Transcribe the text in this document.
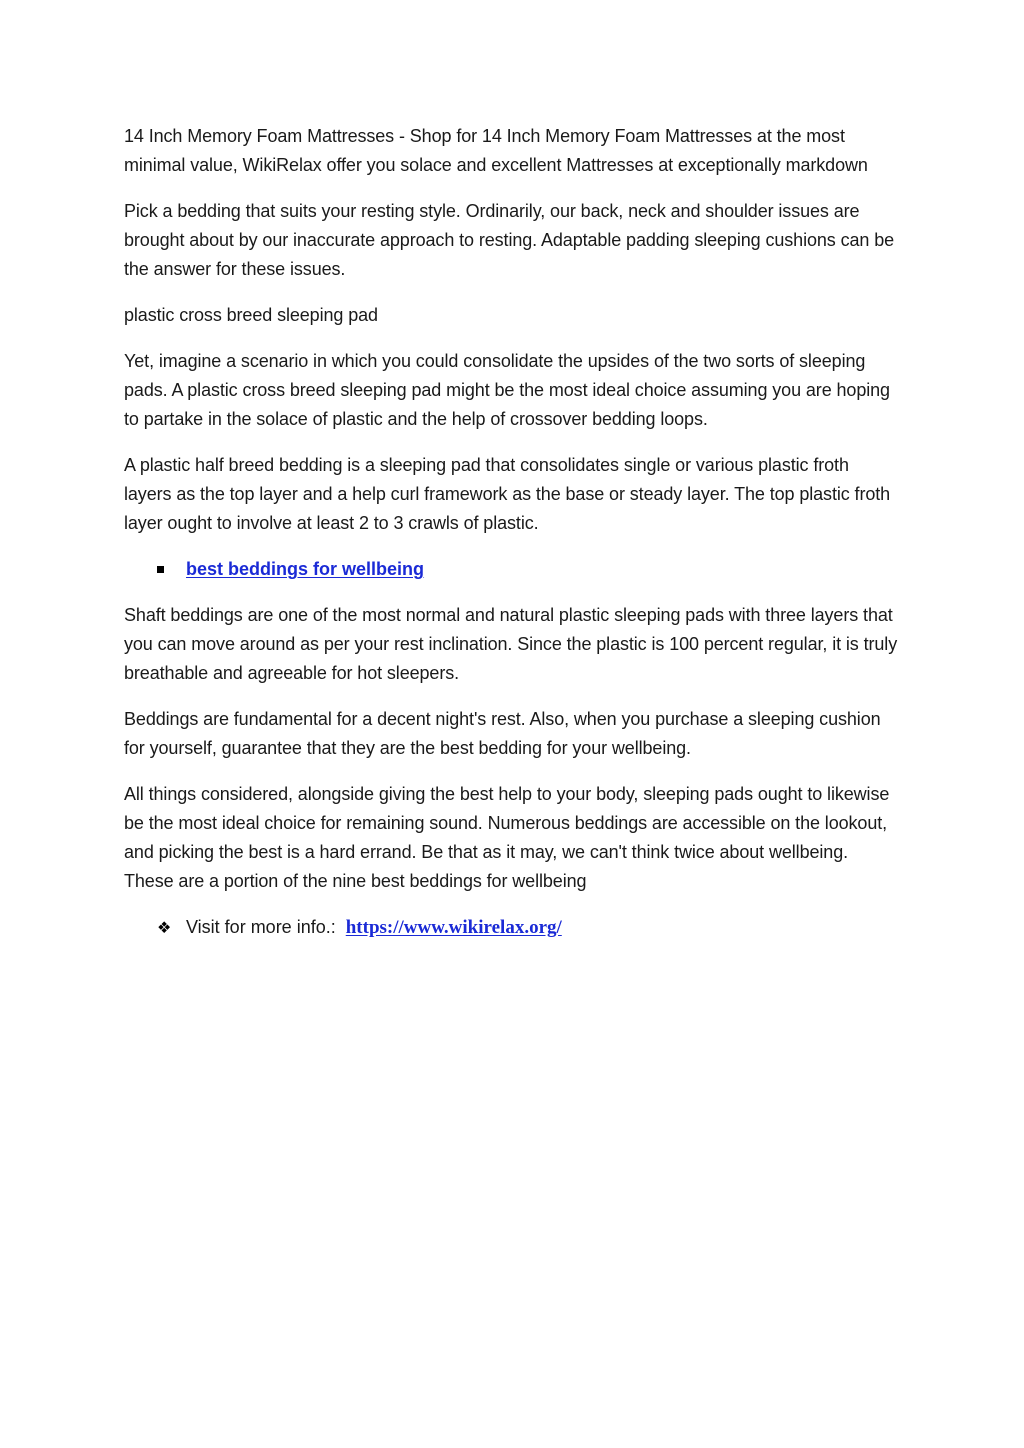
14 Inch Memory Foam Mattresses - Shop for 14 Inch Memory Foam Mattresses at the most minimal value, WikiRelax offer you solace and excellent Mattresses at exceptionally markdown

Pick a bedding that suits your resting style. Ordinarily, our back, neck and shoulder issues are brought about by our inaccurate approach to resting. Adaptable padding sleeping cushions can be the answer for these issues.

plastic cross breed sleeping pad

Yet, imagine a scenario in which you could consolidate the upsides of the two sorts of sleeping pads. A plastic cross breed sleeping pad might be the most ideal choice assuming you are hoping to partake in the solace of plastic and the help of crossover bedding loops.

A plastic half breed bedding is a sleeping pad that consolidates single or various plastic froth layers as the top layer and a help curl framework as the base or steady layer. The top plastic froth layer ought to involve at least 2 to 3 crawls of plastic.

best beddings for wellbeing

Shaft beddings are one of the most normal and natural plastic sleeping pads with three layers that you can move around as per your rest inclination. Since the plastic is 100 percent regular, it is truly breathable and agreeable for hot sleepers.

Beddings are fundamental for a decent night's rest. Also, when you purchase a sleeping cushion for yourself, guarantee that they are the best bedding for your wellbeing.

All things considered, alongside giving the best help to your body, sleeping pads ought to likewise be the most ideal choice for remaining sound. Numerous beddings are accessible on the lookout, and picking the best is a hard errand. Be that as it may, we can't think twice about wellbeing. These are a portion of the nine best beddings for wellbeing

❖ Visit for more info.: https://www.wikirelax.org/
